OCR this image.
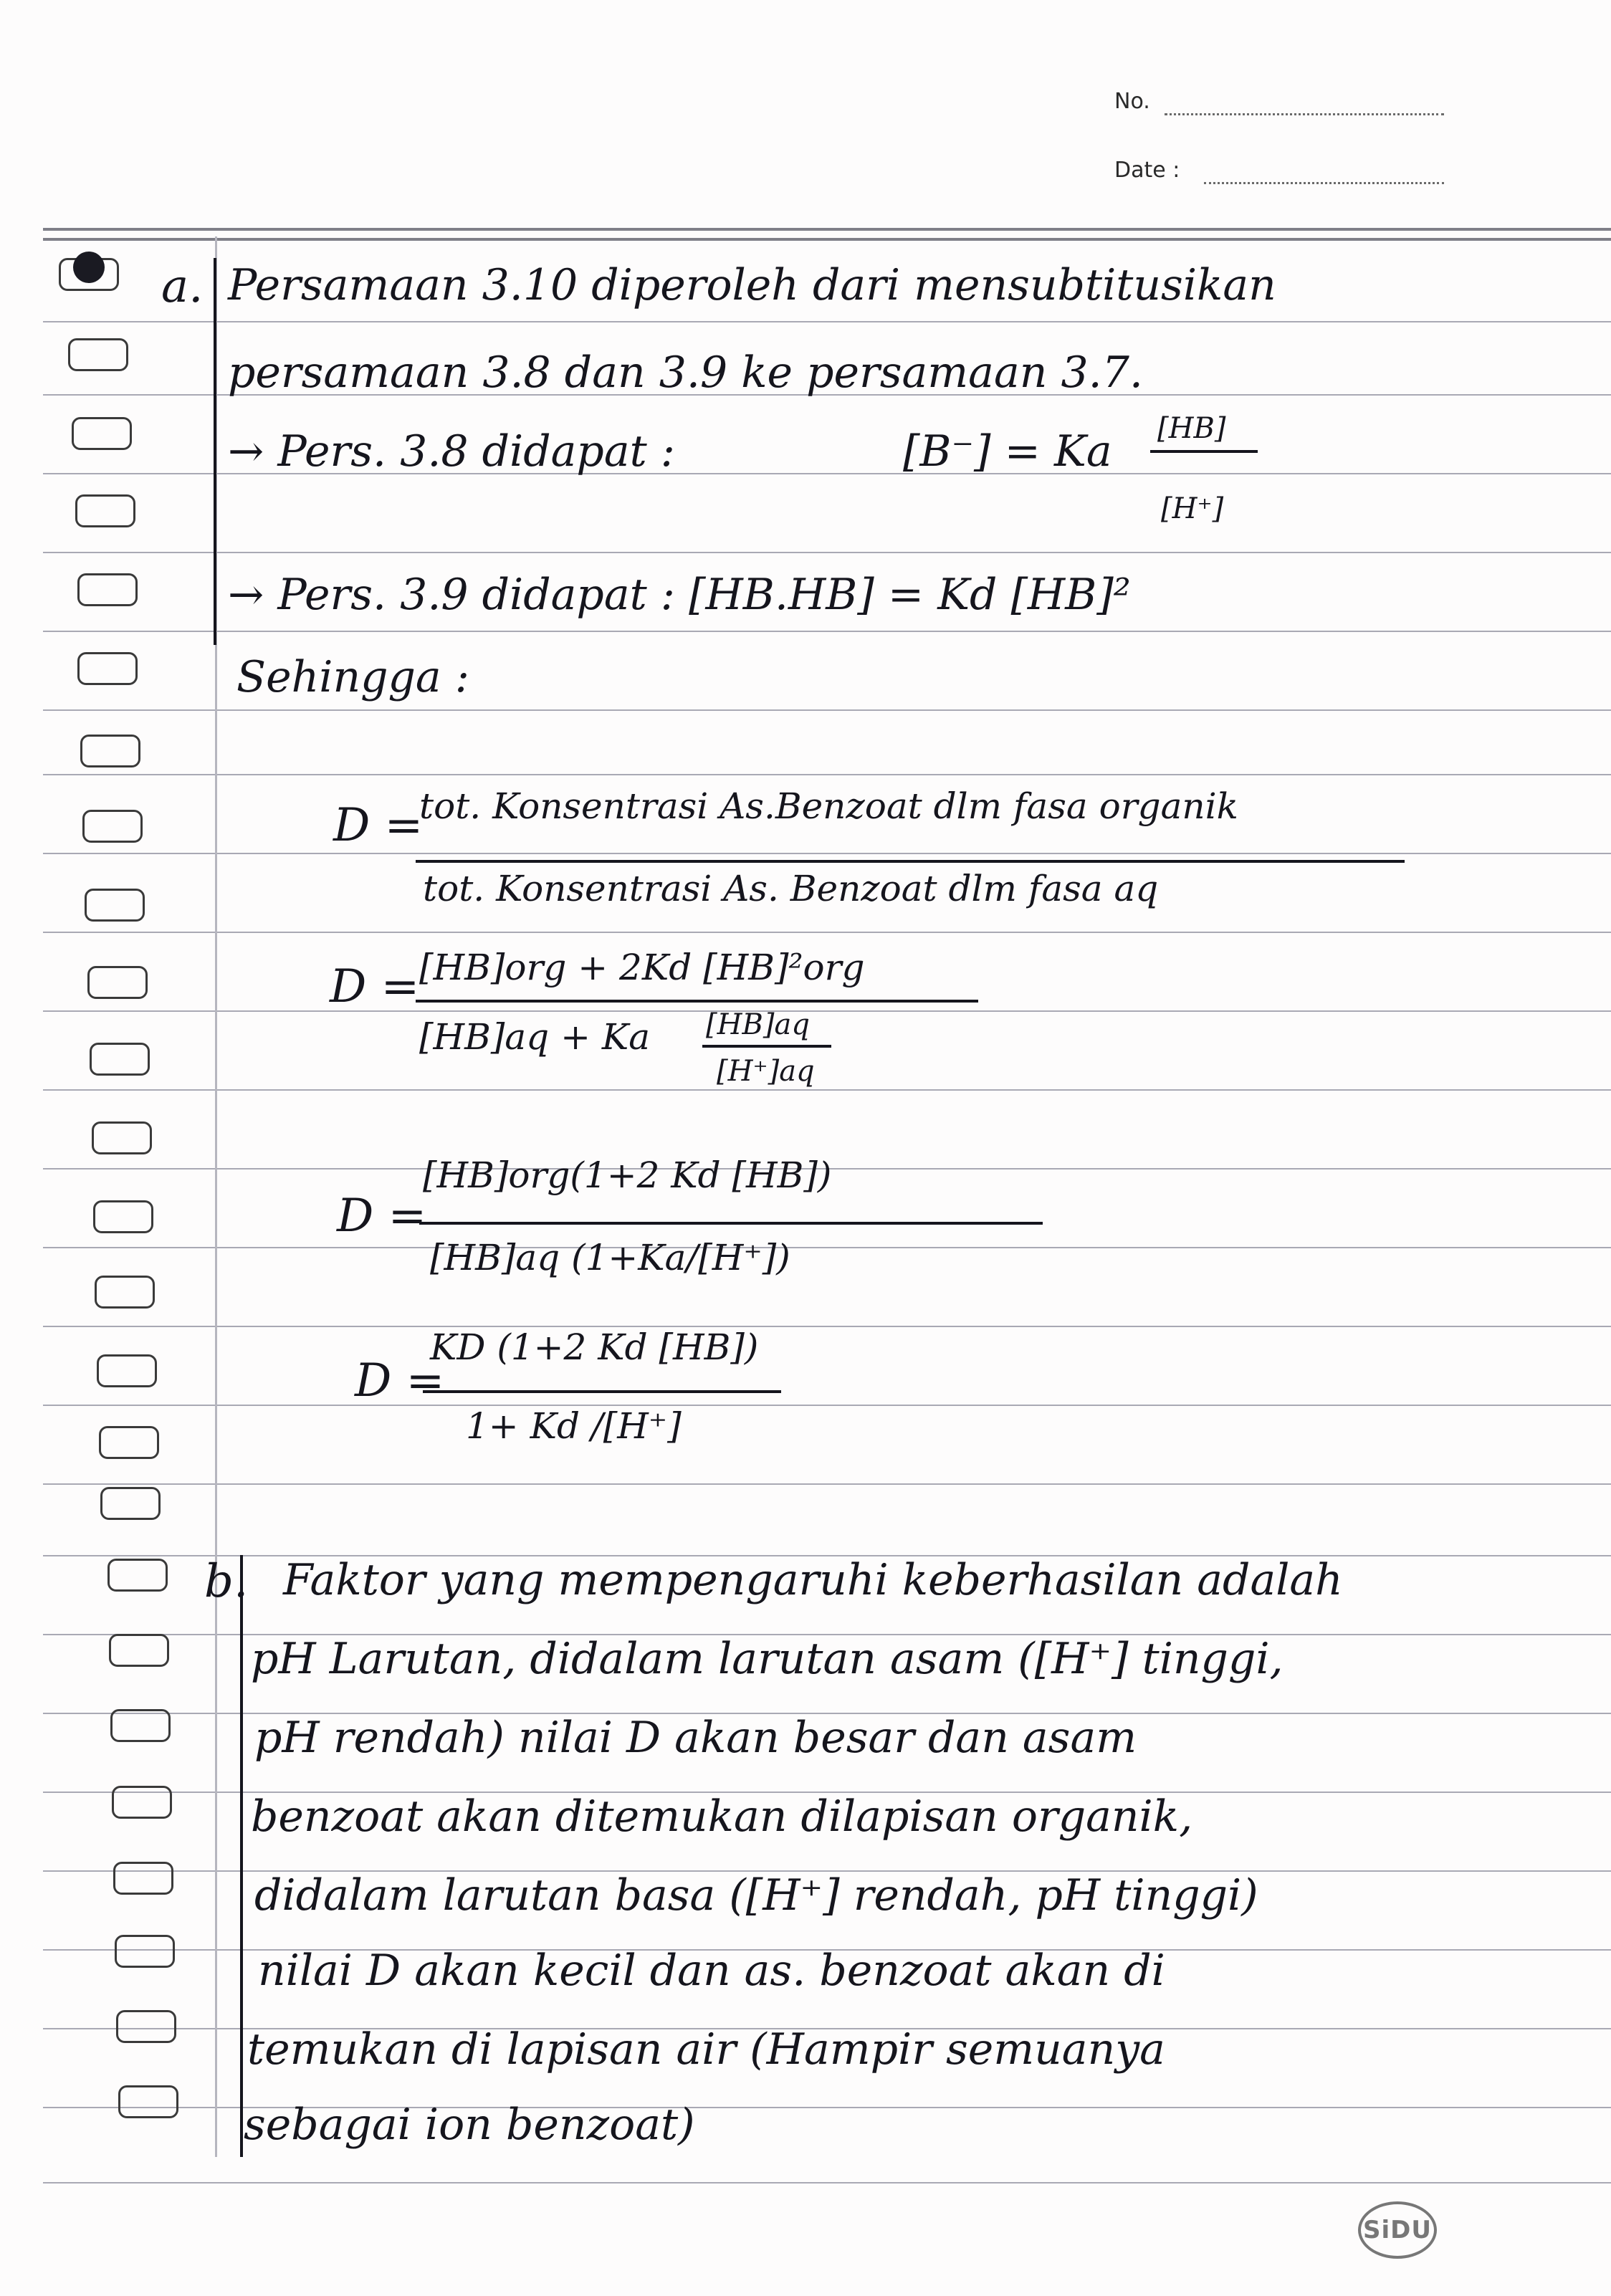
No.
Date :
a. Persamaan 3.10 diperoleh dari mensubtitusikan
persamaan 3.8 dan 3.9 ke persamaan 3.7.
→ Pers. 3.8 didapat :	[B⁻] = Ka [HB]
[H⁺]
→ Pers. 3.9 didapat : [HB.HB] = Kd [HB]²
Sehingga :
D =
tot. Konsentrasi As.Benzoat dlm fasa organik
tot. Konsentrasi As. Benzoat dlm fasa aq
D = [HB]org + 2Kd [HB]²org
[HB]aq + Ka [HB]aq
[H⁺]aq
D =
[HB]org(1+2 Kd [HB])
[HB]aq (1+Ka/[H⁺])
D =
KD (1+2 Kd [HB])
1+ Kd /[H⁺]
b. Faktor yang mempengaruhi keberhasilan adalah
pH Larutan, didalam larutan asam ([H⁺] tinggi,
pH rendah) nilai D akan besar dan asam
benzoat akan ditemukan dilapisan organik,
didalam larutan basa ([H⁺] rendah, pH tinggi)
nilai D akan kecil dan as. benzoat akan di
temukan di lapisan air (Hampir semuanya
sebagai ion benzoat)
SiDU
